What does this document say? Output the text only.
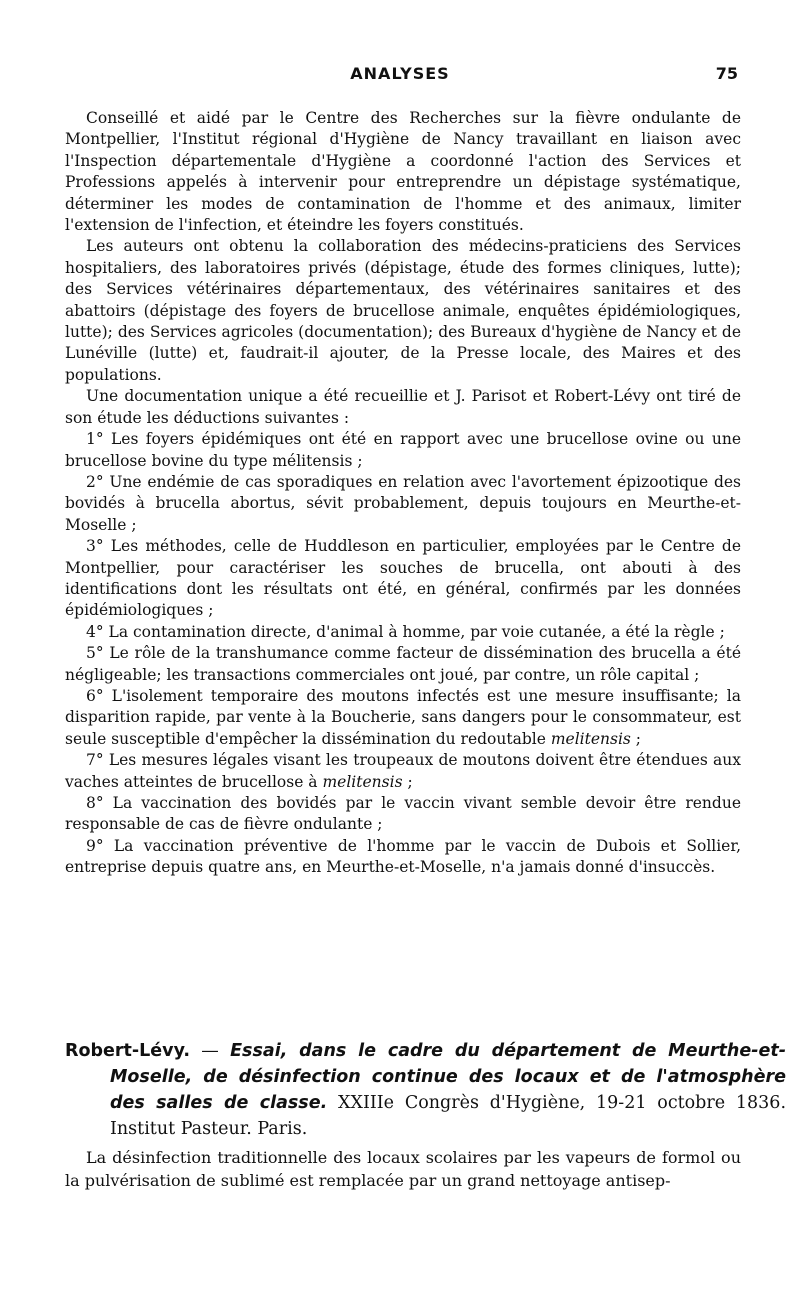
ANALYSES	75

Conseillé et aidé par le Centre des Recherches sur la fièvre ondulante de Montpellier, l'Institut régional d'Hygiène de Nancy travaillant en liaison avec l'Inspection départementale d'Hygiène a coordonné l'action des Services et Professions appelés à intervenir pour entreprendre un dépistage systématique, déterminer les modes de contamination de l'homme et des animaux, limiter l'extension de l'infection, et éteindre les foyers constitués.

Les auteurs ont obtenu la collaboration des médecins-praticiens des Services hospitaliers, des laboratoires privés (dépistage, étude des formes cliniques, lutte); des Services vétérinaires départementaux, des vétérinaires sanitaires et des abattoirs (dépistage des foyers de brucellose animale, enquêtes épidémiologiques, lutte); des Services agricoles (documentation); des Bureaux d'hygiène de Nancy et de Lunéville (lutte) et, faudrait-il ajouter, de la Presse locale, des Maires et des populations.

Une documentation unique a été recueillie et J. Parisot et Robert-Lévy ont tiré de son étude les déductions suivantes :

1° Les foyers épidémiques ont été en rapport avec une brucellose ovine ou une brucellose bovine du type mélitensis ;

2° Une endémie de cas sporadiques en relation avec l'avortement épizootique des bovidés à brucella abortus, sévit probablement, depuis toujours en Meurthe-et-Moselle ;

3° Les méthodes, celle de Huddleson en particulier, employées par le Centre de Montpellier, pour caractériser les souches de brucella, ont abouti à des identifications dont les résultats ont été, en général, confirmés par les données épidémiologiques ;

4° La contamination directe, d'animal à homme, par voie cutanée, a été la règle ;

5° Le rôle de la transhumance comme facteur de dissémination des brucella a été négligeable; les transactions commerciales ont joué, par contre, un rôle capital ;

6° L'isolement temporaire des moutons infectés est une mesure insuffisante; la disparition rapide, par vente à la Boucherie, sans dangers pour le consommateur, est seule susceptible d'empêcher la dissémination du redoutable melitensis ;

7° Les mesures légales visant les troupeaux de moutons doivent être étendues aux vaches atteintes de brucellose à melitensis ;

8° La vaccination des bovidés par le vaccin vivant semble devoir être rendue responsable de cas de fièvre ondulante ;

9° La vaccination préventive de l'homme par le vaccin de Dubois et Sollier, entreprise depuis quatre ans, en Meurthe-et-Moselle, n'a jamais donné d'insuccès.

Robert-Lévy. — Essai, dans le cadre du département de Meurthe-et-Moselle, de désinfection continue des locaux et de l'atmosphère des salles de classe. XXIIIe Congrès d'Hygiène, 19-21 octobre 1836. Institut Pasteur. Paris.

La désinfection traditionnelle des locaux scolaires par les vapeurs de formol ou la pulvérisation de sublimé est remplacée par un grand nettoyage antisep-
